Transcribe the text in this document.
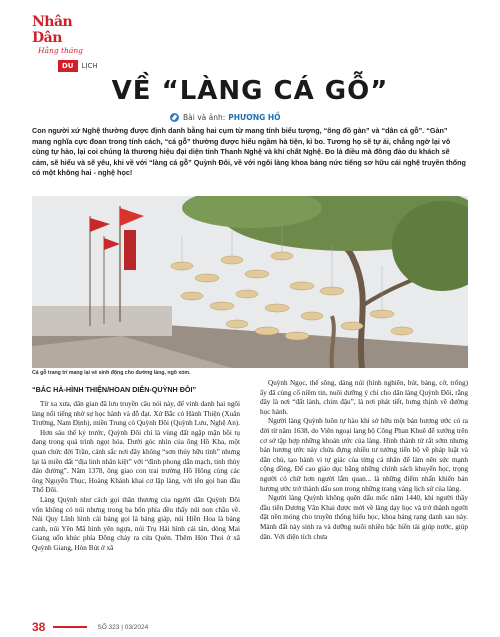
Nhân Dân
Hằng tháng
DU	LỊCH
VỀ “LÀNG CÁ GỖ”
Bài và ảnh: PHƯƠNG HỒ

Con người xứ Nghệ thường được định danh bằng hai cụm từ mang tính biểu tượng, “ông đồ gàn” và “dân cá gỗ”. “Gàn” mang nghĩa cực đoan trong tính cách, “cá gỗ” thường được hiểu ngầm hà tiện, kỉ bo. Tương họ sẽ tự ái, chẳng ngờ lại vô cùng tự hào, lại coi chúng là thương hiệu đại diện tỉnh Thanh Nghệ và khí chất Nghệ. Đo là điều mà đông đảo du khách sẽ cảm, sẽ hiểu và sẽ yêu, khi về với “làng cá gỗ” Quỳnh Đôi, về với ngôi làng khoa bảng nức tiếng sơ hữu cái nghệ truyền thống có một không hai - nghệ học!

Cá gỗ trang trí mang lại vẻ sinh động cho đường làng, ngõ xóm.

“BẮC HÀ-HÌNH THIỆN/HOAN DIỄN-QUỲNH ĐÔI”

Từ xa xưa, dân gian đã lưu truyền câu nói này, để vinh danh hai ngôi làng nổi tiếng nhờ sự học hành và đỗ đạt. Xứ Bắc có Hành Thiện (Xuân Trường, Nam Định), miền Trung có Quỳnh Đôi (Quỳnh Lưu, Nghệ An).

Hơn sáu thế kỷ trước, Quỳnh Đôi chỉ là vùng đất ngập mặn bồi tụ đang trong quá trình ngọt hóa. Dưới góc nhìn của ông Hồ Kha, một quan chức đời Trần, cảnh sắc nơi đây không “sơn thủy hữu tình” nhưng lại là miền đất “địa linh nhân kiệt” với “đình phong dẫn mạch, tinh thủy đáo đường”. Năm 1378, ông giao con trai trưởng Hồ Hông cùng các ông Nguyễn Thục, Hoàng Khánh khai cơ lập làng, với tên gọi ban đầu Thổ Đôi.

Làng Quỳnh như cách gọi thân thương của người dân Quỳnh Đôi vốn không có núi nhưng trong ba bốn phía đều thấy núi non chầu về. Núi Quy Lĩnh hình cái bảng gọi là bảng giáp, núi Hiền Hoa là bảng canh, núi Yên Mã hình yên ngựa, núi Trụ Hải hình cái tán, dòng Mai Giang uốn khúc phía Đông chảy ra cửa Quèn. Thêm Hòn Thoi ở xã Quỳnh Giang, Hòn Bút ở xã

Quỳnh Ngọc, thế sông, dáng núi (hình nghiên, bút, bảng, cờ, trống) ấy đã cùng cố niềm tin, nuôi dưỡng ý chí cho dân làng Quỳnh Đôi, rằng đây là nơi “đất lành, chim đậu”, là nơi phát tiết, hưng thịnh về đường học hành.

Người làng Quỳnh luôn tự hào khi sở hữu một bản hương ước có ra đời từ năm 1638, do Viên ngoại lang bộ Công Phan Khuê để xướng trên cơ sở tập hợp những khoán ước của làng. Hình thành từ rất sớm nhưng bản hương ước này chứa đựng nhiều tư tưởng tiến bộ về pháp luật và dân chủ, tạo hành vi tự giác của từng cá nhân để làm nên sức mạnh cộng đồng. Để cao giáo dục bằng những chính sách khuyến học, trọng người có chữ hơn người lắm quan... là những điểm nhấn khiến bản hương ước trở thành dấu son trong những trang vàng lịch sử của làng.

Người làng Quỳnh không quên dấu mốc năm 1440, khi người thầy đầu tiên Dương Văn Khai được mời về làng dạy học và trở thành người đặt nền móng cho truyền thống hiếu học, khoa bảng rạng danh sau này. Mảnh đất này sinh ra và dưỡng nuôi nhiều bậc hiền tài giúp nước, giúp dân. Với diện tích chưa

38	SỐ 323 | 03/2024
